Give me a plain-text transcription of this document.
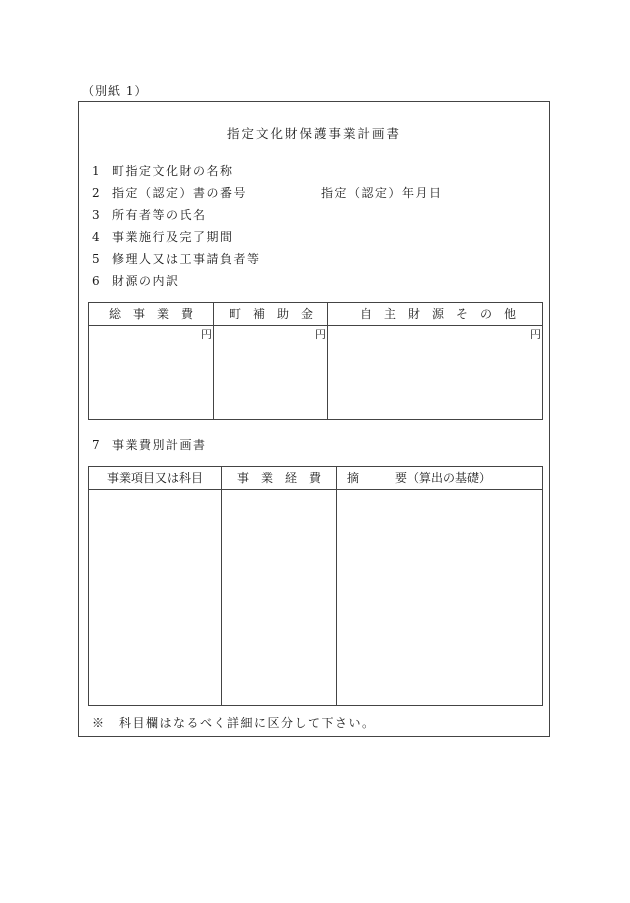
（別紙 1）
指定文化財保護事業計画書
1 町指定文化財の名称
2 指定（認定）書の番号	指定（認定）年月日
3 所有者等の氏名
4 事業施行及完了期間
5 修理人又は工事請負者等
6 財源の内訳
総　事　業　費	町　補　助　金	自　主　財　源　そ　の　他
円	円	円
7 事業費別計画書
事業項目又は科目	事　業　経　費	摘　　　要（算出の基礎）
※　科目欄はなるべく詳細に区分して下さい。
